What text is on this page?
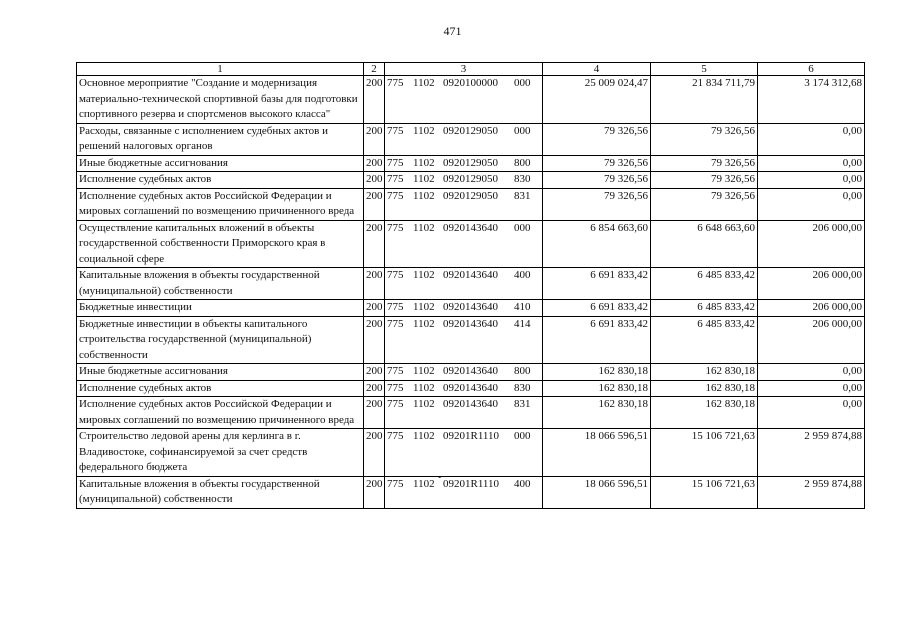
471
1	2	3	4	5	6
Основное мероприятие "Создание и модернизация материально-технической спортивной базы для подготовки спортивного резерва и спортсменов высокого класса"	200	775 1102 0920100000 000	25 009 024,47	21 834 711,79	3 174 312,68
Расходы, связанные с исполнением судебных актов и решений налоговых органов	200	775 1102 0920129050 000	79 326,56	79 326,56	0,00
Иные бюджетные ассигнования	200	775 1102 0920129050 800	79 326,56	79 326,56	0,00
Исполнение судебных актов	200	775 1102 0920129050 830	79 326,56	79 326,56	0,00
Исполнение судебных актов Российской Федерации и мировых соглашений по возмещению причиненного вреда	200	775 1102 0920129050 831	79 326,56	79 326,56	0,00
Осуществление капитальных вложений в объекты государственной собственности Приморского края в социальной сфере	200	775 1102 0920143640 000	6 854 663,60	6 648 663,60	206 000,00
Капитальные вложения в объекты государственной (муниципальной) собственности	200	775 1102 0920143640 400	6 691 833,42	6 485 833,42	206 000,00
Бюджетные инвестиции	200	775 1102 0920143640 410	6 691 833,42	6 485 833,42	206 000,00
Бюджетные инвестиции в объекты капитального строительства государственной (муниципальной) собственности	200	775 1102 0920143640 414	6 691 833,42	6 485 833,42	206 000,00
Иные бюджетные ассигнования	200	775 1102 0920143640 800	162 830,18	162 830,18	0,00
Исполнение судебных актов	200	775 1102 0920143640 830	162 830,18	162 830,18	0,00
Исполнение судебных актов Российской Федерации и мировых соглашений по возмещению причиненного вреда	200	775 1102 0920143640 831	162 830,18	162 830,18	0,00
Строительство ледовой арены для керлинга в г. Владивостоке, софинансируемой за счет средств федерального бюджета	200	775 1102 09201R1110 000	18 066 596,51	15 106 721,63	2 959 874,88
Капитальные вложения в объекты государственной (муниципальной) собственности	200	775 1102 09201R1110 400	18 066 596,51	15 106 721,63	2 959 874,88
ˇ
